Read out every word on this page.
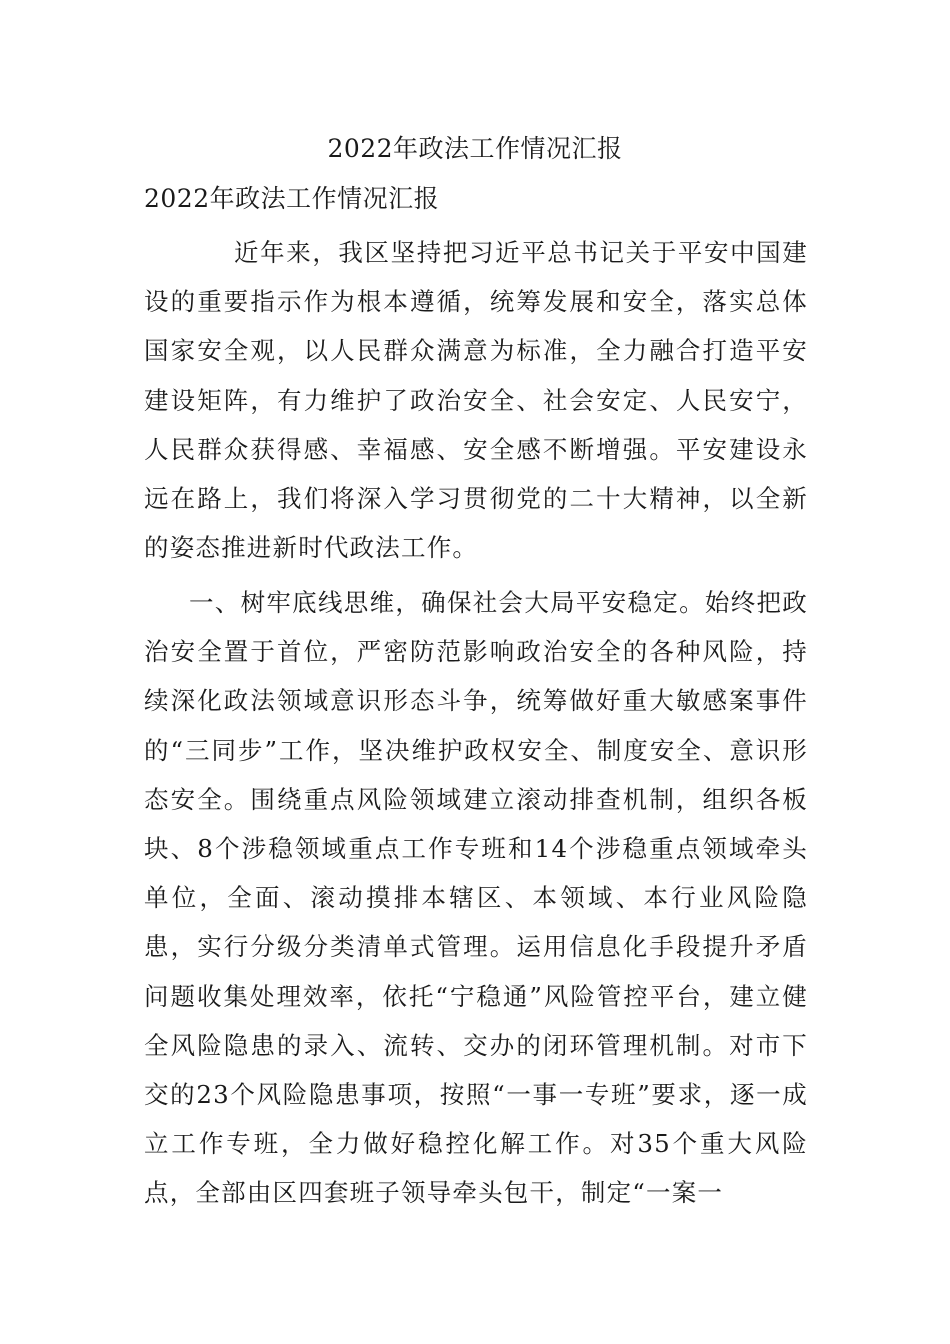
2022年政法工作情况汇报

2022年政法工作情况汇报

近年来，我区坚持把习近平总书记关于平安中国建设的重要指示作为根本遵循，统筹发展和安全，落实总体国家安全观，以人民群众满意为标准，全力融合打造平安建设矩阵，有力维护了政治安全、社会安定、人民安宁，人民群众获得感、幸福感、安全感不断增强。平安建设永远在路上，我们将深入学习贯彻党的二十大精神，以全新的姿态推进新时代政法工作。

一、树牢底线思维，确保社会大局平安稳定。始终把政治安全置于首位，严密防范影响政治安全的各种风险，持续深化政法领域意识形态斗争，统筹做好重大敏感案事件的“三同步”工作，坚决维护政权安全、制度安全、意识形态安全。围绕重点风险领域建立滚动排查机制，组织各板块、8个涉稳领域重点工作专班和14个涉稳重点领域牵头单位，全面、滚动摸排本辖区、本领域、本行业风险隐患，实行分级分类清单式管理。运用信息化手段提升矛盾问题收集处理效率，依托“宁稳通”风险管控平台，建立健全风险隐患的录入、流转、交办的闭环管理机制。对市下交的23个风险隐患事项，按照“一事一专班”要求，逐一成立工作专班，全力做好稳控化解工作。对35个重大风险点，全部由区四套班子领导牵头包干，制定“一案一
